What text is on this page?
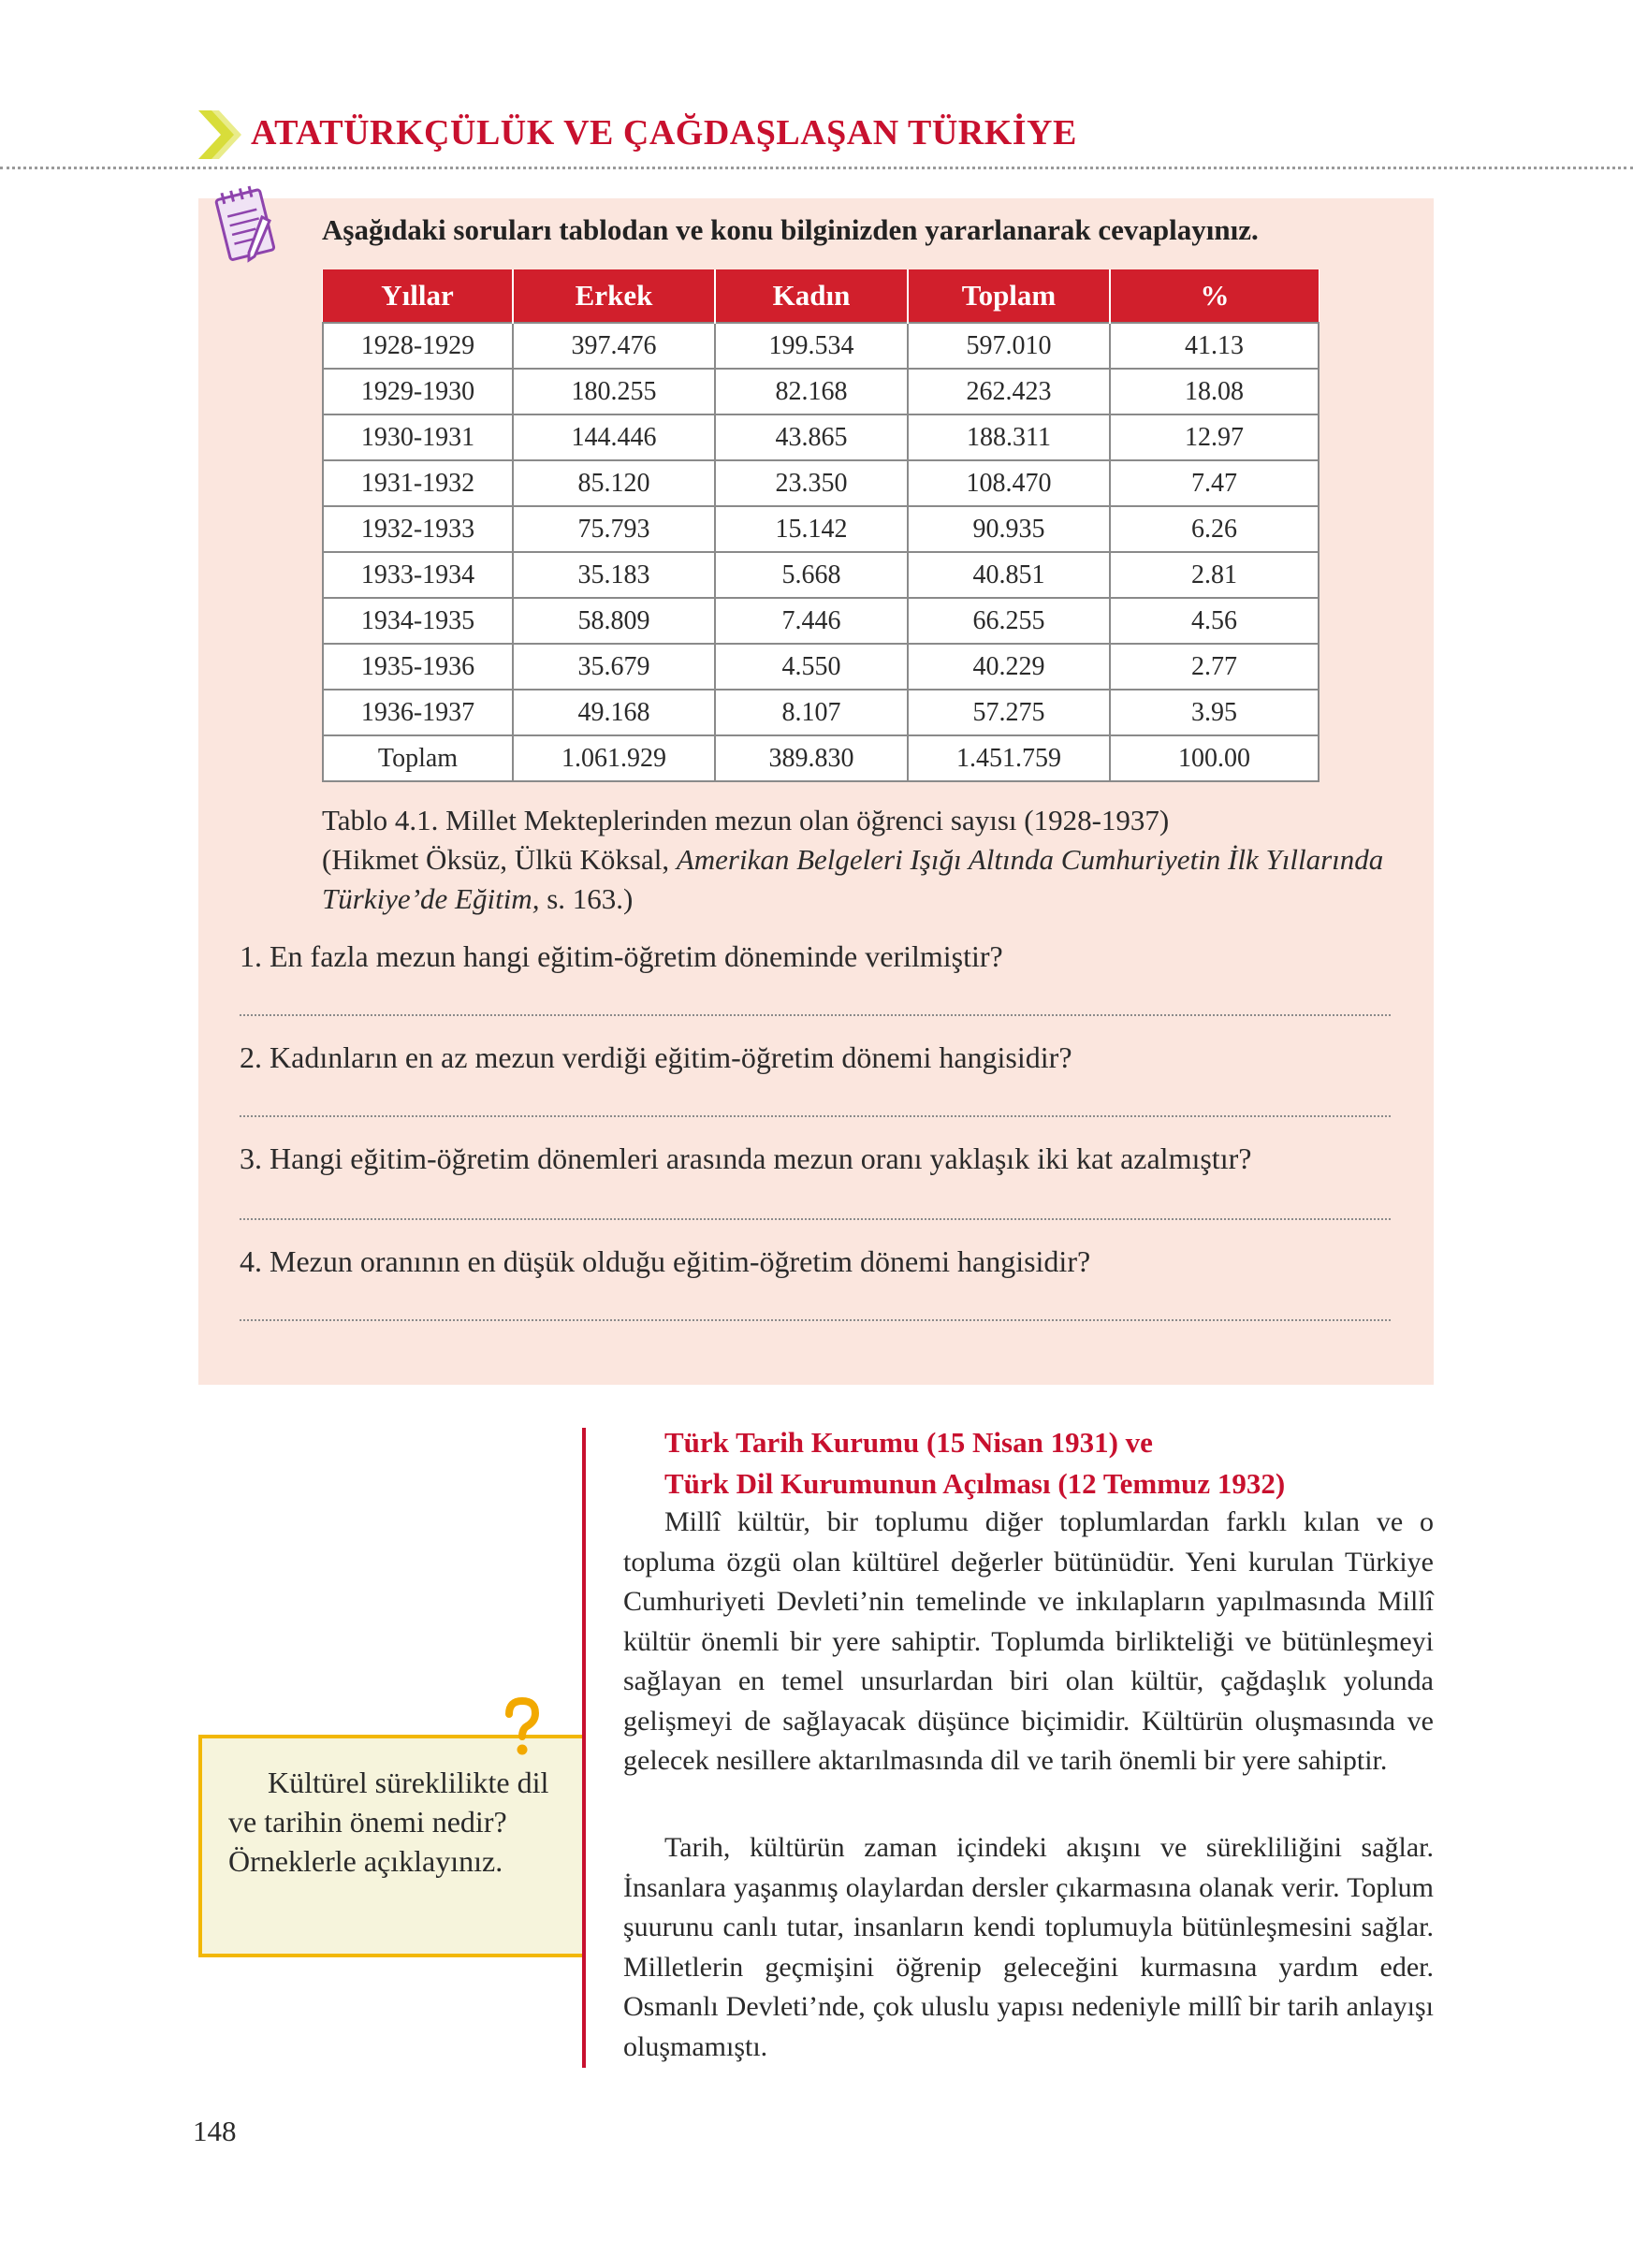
ATATÜRKÇÜLÜK VE ÇAĞDAŞLAŞAN TÜRKİYE
Aşağıdaki soruları tablodan ve konu bilginizden yararlanarak cevaplayınız.
Yıllar	Erkek	Kadın	Toplam	%
1928-1929	397.476	199.534	597.010	41.13
1929-1930	180.255	82.168	262.423	18.08
1930-1931	144.446	43.865	188.311	12.97
1931-1932	85.120	23.350	108.470	7.47
1932-1933	75.793	15.142	90.935	6.26
1933-1934	35.183	5.668	40.851	2.81
1934-1935	58.809	7.446	66.255	4.56
1935-1936	35.679	4.550	40.229	2.77
1936-1937	49.168	8.107	57.275	3.95
Toplam	1.061.929	389.830	1.451.759	100.00
Tablo 4.1. Millet Mekteplerinden mezun olan öğrenci sayısı (1928-1937)
(Hikmet Öksüz, Ülkü Köksal, Amerikan Belgeleri Işığı Altında Cumhuriyetin İlk Yıllarında Türkiye’de Eğitim, s. 163.)
1. En fazla mezun hangi eğitim-öğretim döneminde verilmiştir?
2. Kadınların en az mezun verdiği eğitim-öğretim dönemi hangisidir?
3. Hangi eğitim-öğretim dönemleri arasında mezun oranı yaklaşık iki kat azalmıştır?
4. Mezun oranının en düşük olduğu eğitim-öğretim dönemi hangisidir?
Türk Tarih Kurumu (15 Nisan 1931) ve
Türk Dil Kurumunun Açılması (12 Temmuz 1932)

Millî kültür, bir toplumu diğer toplumlardan farklı kılan ve o topluma özgü olan kültürel değerler bütünüdür. Yeni kurulan Türkiye Cumhuriyeti Devleti’nin temelinde ve inkılapların yapılmasında Millî kültür önemli bir yere sahiptir. Toplumda birlikteliği ve bütünleşmeyi sağlayan en temel unsurlardan biri olan kültür, çağdaşlık yolunda gelişmeyi de sağlayacak düşünce biçimidir. Kültürün oluşmasında ve gelecek nesillere aktarılmasında dil ve tarih önemli bir yere sahiptir.

Tarih, kültürün zaman içindeki akışını ve sürekliliğini sağlar. İnsanlara yaşanmış olaylardan dersler çıkarmasına olanak verir. Toplum şuurunu canlı tutar, insanların kendi toplumuyla bütünleşmesini sağlar. Milletlerin geçmişini öğrenip geleceğini kurmasına yardım eder. Osmanlı Devleti’nde, çok uluslu yapısı nedeniyle millî bir tarih anlayışı oluşmamıştı.

Kültürel süreklilikte dil ve tarihin önemi nedir? Örneklerle açıklayınız.
148
